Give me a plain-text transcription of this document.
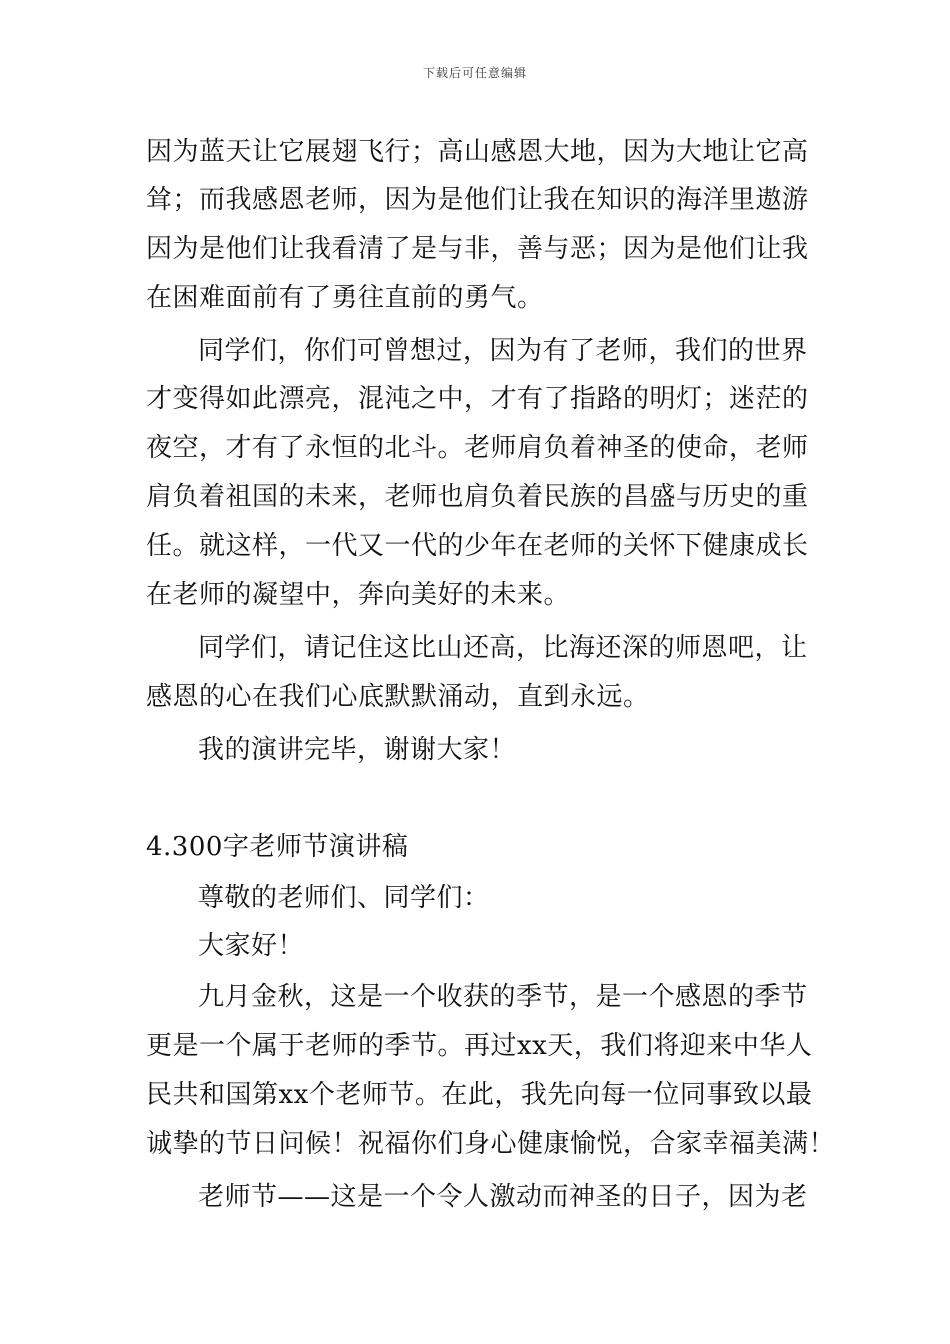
下载后可任意编辑
因为蓝天让它展翅飞行；高山感恩大地，因为大地让它高
耸；而我感恩老师，因为是他们让我在知识的海洋里遨游
因为是他们让我看清了是与非，善与恶；因为是他们让我
在困难面前有了勇往直前的勇气。
同学们，你们可曾想过，因为有了老师，我们的世界
才变得如此漂亮，混沌之中，才有了指路的明灯；迷茫的
夜空，才有了永恒的北斗。老师肩负着神圣的使命，老师
肩负着祖国的未来，老师也肩负着民族的昌盛与历史的重
任。就这样，一代又一代的少年在老师的关怀下健康成长
在老师的凝望中，奔向美好的未来。
同学们，请记住这比山还高，比海还深的师恩吧，让
感恩的心在我们心底默默涌动，直到永远。
我的演讲完毕，谢谢大家！
4.300字老师节演讲稿
尊敬的老师们、同学们：
大家好！
九月金秋，这是一个收获的季节，是一个感恩的季节
更是一个属于老师的季节。再过xx天，我们将迎来中华人
民共和国第xx个老师节。在此，我先向每一位同事致以最
诚挚的节日问候！祝福你们身心健康愉悦，合家幸福美满！
老师节——这是一个令人激动而神圣的日子，因为老
